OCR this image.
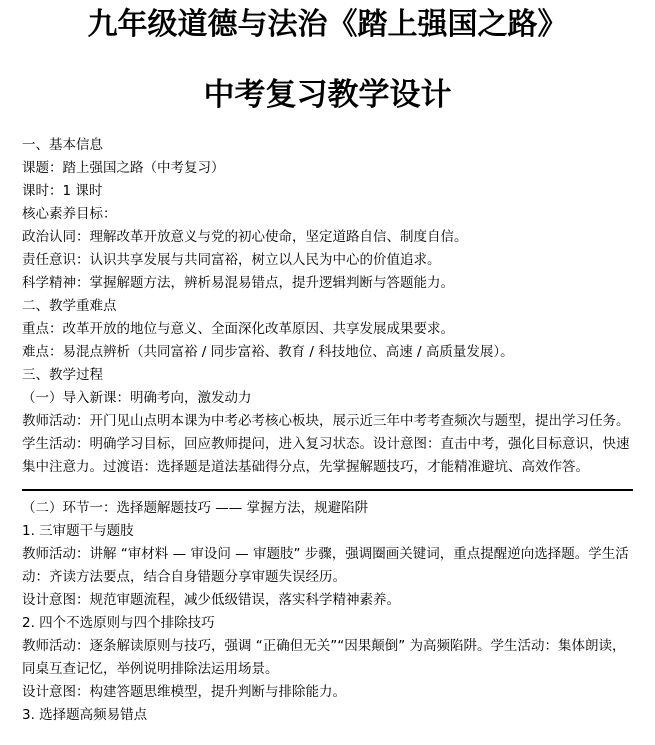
九年级道德与法治《踏上强国之路》
中考复习教学设计
一、基本信息
课题：踏上强国之路（中考复习）
课时：1 课时
核心素养目标：
政治认同：理解改革开放意义与党的初心使命，坚定道路自信、制度自信。
责任意识：认识共享发展与共同富裕，树立以人民为中心的价值追求。
科学精神：掌握解题方法，辨析易混易错点，提升逻辑判断与答题能力。
二、教学重难点
重点：改革开放的地位与意义、全面深化改革原因、共享发展成果要求。
难点：易混点辨析（共同富裕 / 同步富裕、教育 / 科技地位、高速 / 高质量发展）。
三、教学过程
（一）导入新课：明确考向，激发动力

教师活动：开门见山点明本课为中考必考核心板块，展示近三年中考考查频次与题型，提出学习任务。学生活动：明确学习目标，回应教师提问，进入复习状态。设计意图：直击中考，强化目标意识，快速集中注意力。过渡语：选择题是道法基础得分点，先掌握解题技巧，才能精准避坑、高效作答。

（二）环节一：选择题解题技巧 —— 掌握方法，规避陷阱
1. 三审题干与题肢

教师活动：讲解 “审材料 — 审设问 — 审题肢” 步骤，强调圈画关键词，重点提醒逆向选择题。学生活动：齐读方法要点，结合自身错题分享审题失误经历。

设计意图：规范审题流程，减少低级错误，落实科学精神素养。
2. 四个不选原则与四个排除技巧

教师活动：逐条解读原则与技巧，强调 “正确但无关”“因果颠倒” 为高频陷阱。学生活动：集体朗读，同桌互查记忆，举例说明排除法运用场景。

设计意图：构建答题思维模型，提升判断与排除能力。
3. 选择题高频易错点
